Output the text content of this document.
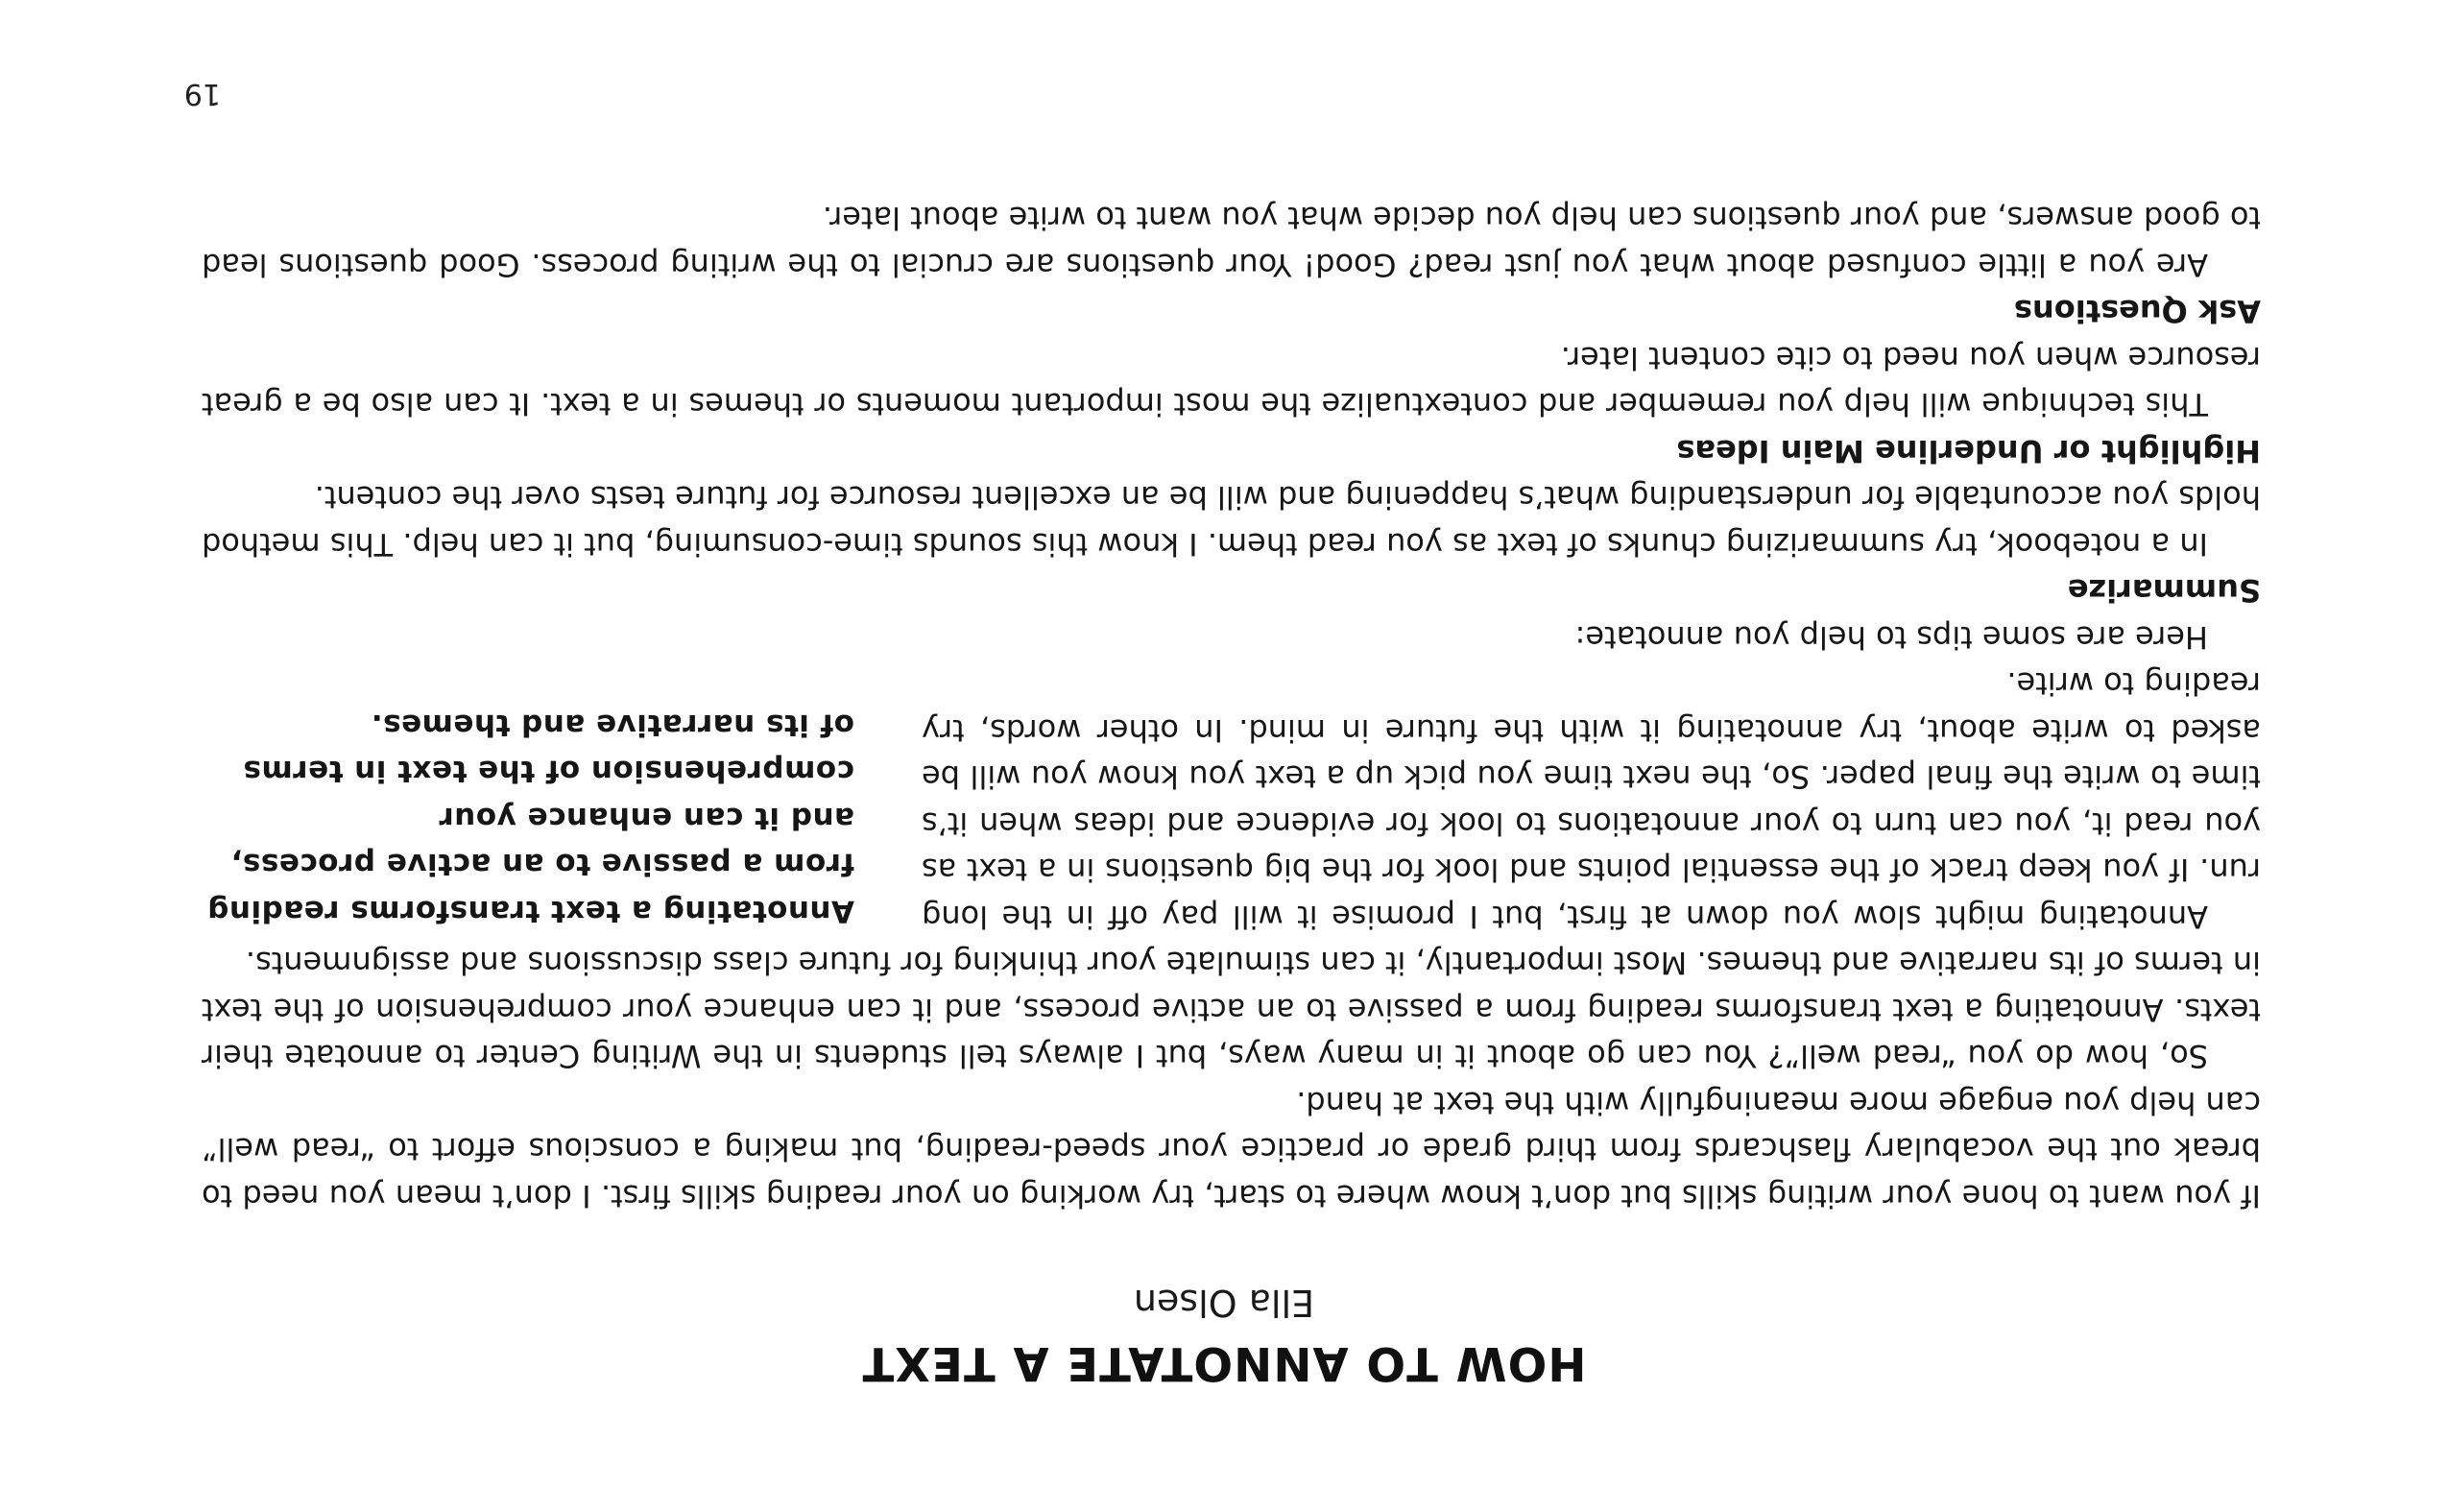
HOW TO ANNOTATE A TEXT
Ella Olsen

If you want to hone your writing skills but don’t know where to start, try working on your reading skills first. I don’t mean you need to break out the vocabulary flashcards from third grade or practice your speed-reading, but making a conscious effort to “read well” can help you engage more meaningfully with the text at hand.

So, how do you “read well”? You can go about it in many ways, but I always tell students in the Writing Center to annotate their texts. Annotating a text transforms reading from a passive to an active process, and it can enhance your comprehension of the text in terms of its narrative and themes. Most importantly, it can stimulate your thinking for future class discussions and assignments.

Annotating a text transforms reading from a passive to an active process, and it can enhance your comprehension of the text in terms of its narrative and themes.

Annotating might slow you down at first, but I promise it will pay off in the long run. If you keep track of the essential points and look for the big questions in a text as you read it, you can turn to your annotations to look for evidence and ideas when it’s time to write the final paper. So, the next time you pick up a text you know you will be asked to write about, try annotating it with the future in mind. In other words, try reading to write.

Here are some tips to help you annotate:

Summarize

In a notebook, try summarizing chunks of text as you read them. I know this sounds time-consuming, but it can help. This method holds you accountable for understanding what’s happening and will be an excellent resource for future tests over the content.

Highlight or Underline Main Ideas

This technique will help you remember and contextualize the most important moments or themes in a text. It can also be a great resource when you need to cite content later.

Ask Questions

Are you a little confused about what you just read? Good! Your questions are crucial to the writing process. Good questions lead to good answers, and your questions can help you decide what you want to write about later.

19
